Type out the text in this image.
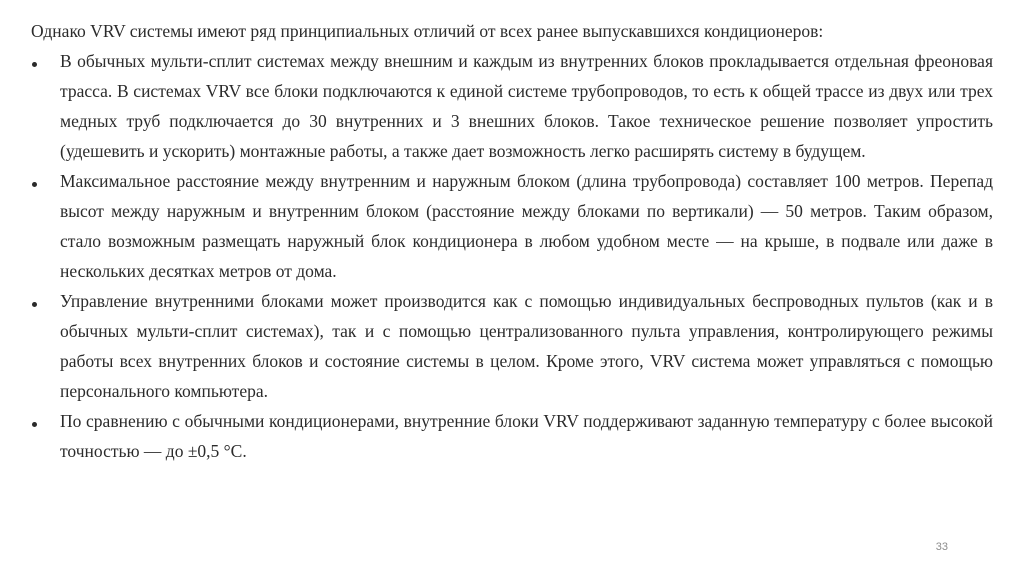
Однако VRV системы имеют ряд принципиальных отличий от всех ранее выпускавшихся кондиционеров:

В обычных мульти-сплит системах между внешним и каждым из внутренних блоков прокладывается отдельная фреоновая трасса. В системах VRV все блоки подключаются к единой системе трубопроводов, то есть к общей трассе из двух или трех медных труб подключается до 30 внутренних и 3 внешних блоков. Такое техническое решение позволяет упростить (удешевить и ускорить) монтажные работы, а также дает возможность легко расширять систему в будущем.
Максимальное расстояние между внутренним и наружным блоком (длина трубопровода) составляет 100 метров. Перепад высот между наружным и внутренним блоком (расстояние между блоками по вертикали) — 50 метров. Таким образом, стало возможным размещать наружный блок кондиционера в любом удобном месте — на крыше, в подвале или даже в нескольких десятках метров от дома.
Управление внутренними блоками может производится как с помощью индивидуальных беспроводных пультов (как и в обычных мульти-сплит системах), так и с помощью централизованного пульта управления, контролирующего режимы работы всех внутренних блоков и состояние системы в целом. Кроме этого, VRV система может управляться с помощью персонального компьютера.
По сравнению с обычными кондиционерами, внутренние блоки VRV поддерживают заданную температуру с более высокой точностью — до ±0,5 °C.
33
